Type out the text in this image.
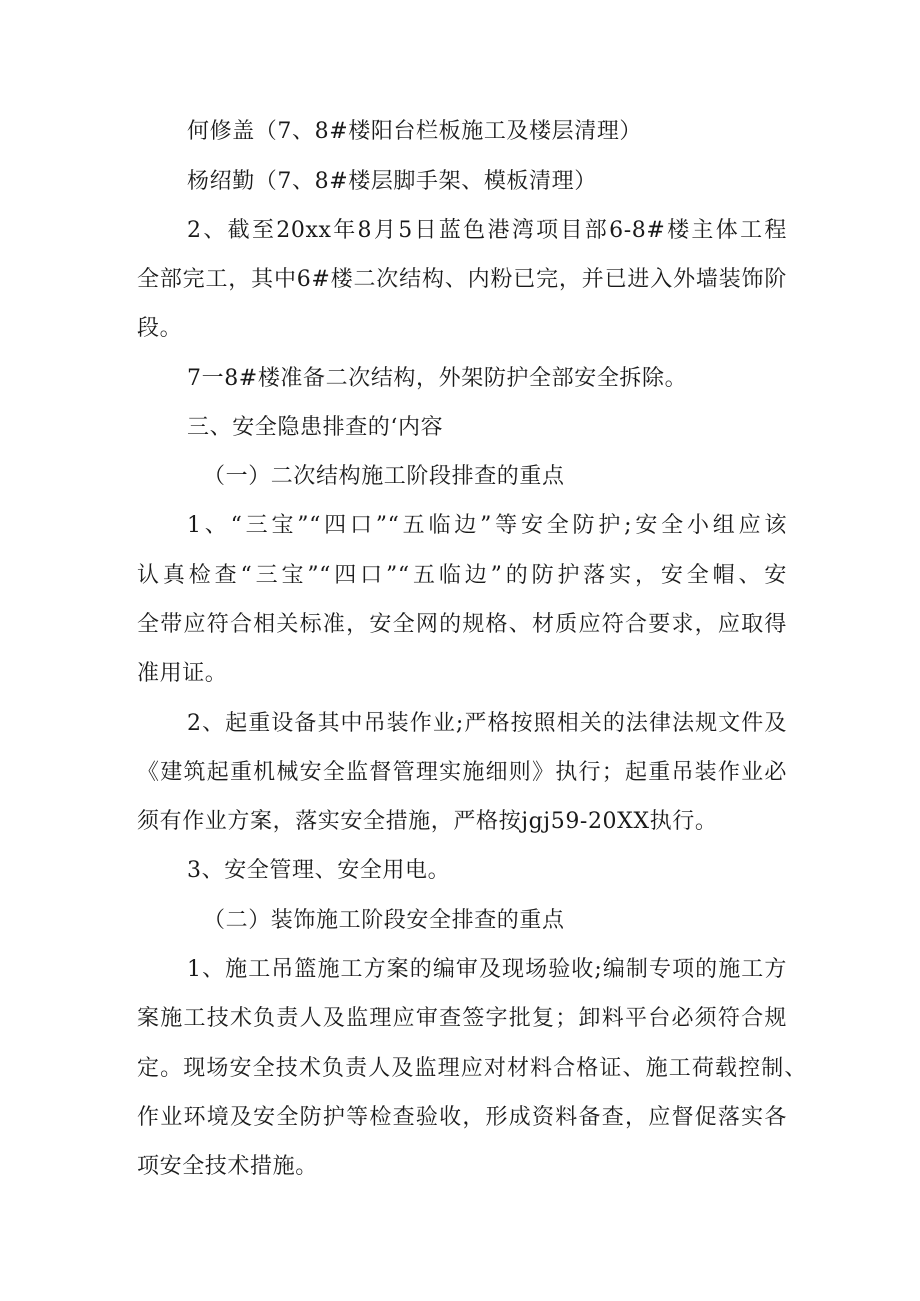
何修盖（7、8#楼阳台栏板施工及楼层清理）
杨绍勤（7、8#楼层脚手架、模板清理）
2、截至20xx年8月5日蓝色港湾项目部6-8#楼主体工程
全部完工，其中6#楼二次结构、内粉已完，并已进入外墙装饰阶
段。
7一8#楼准备二次结构，外架防护全部安全拆除。
三、安全隐患排查的‘内容
（一）二次结构施工阶段排查的重点
1、“三宝”“四口”“五临边”等安全防护;安全小组应该
认真检查“三宝”“四口”“五临边”的防护落实，安全帽、安
全带应符合相关标准，安全网的规格、材质应符合要求，应取得
准用证。
2、起重设备其中吊装作业;严格按照相关的法律法规文件及
《建筑起重机械安全监督管理实施细则》执行；起重吊装作业必
须有作业方案，落实安全措施，严格按jgj59-20XX执行。
3、安全管理、安全用电。
（二）装饰施工阶段安全排查的重点
1、施工吊篮施工方案的编审及现场验收;编制专项的施工方
案施工技术负责人及监理应审查签字批复；卸料平台必须符合规
定。现场安全技术负责人及监理应对材料合格证、施工荷载控制、
作业环境及安全防护等检查验收，形成资料备查，应督促落实各
项安全技术措施。
